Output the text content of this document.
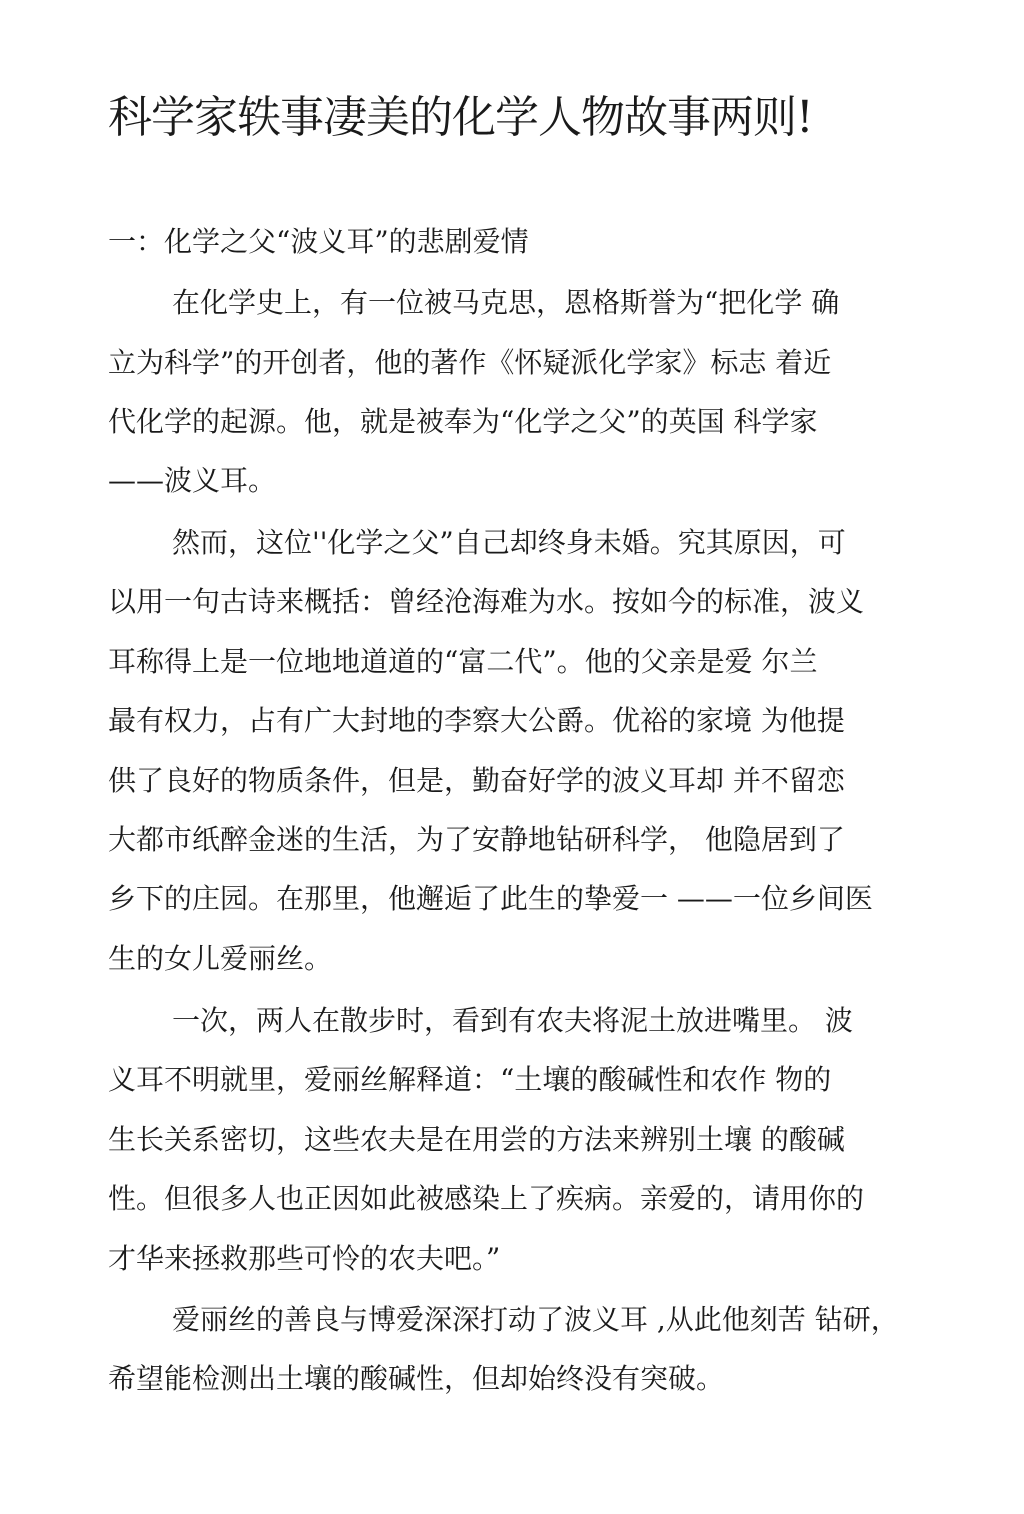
科学家轶事凄美的化学人物故事两则!
一：化学之父“波义耳”的悲剧爱情
在化学史上，有一位被马克思，恩格斯誉为“把化学 确
立为科学”的开创者，他的著作《怀疑派化学家》标志 着近
代化学的起源。他，就是被奉为“化学之父”的英国 科学家
——波义耳。
然而，这位''化学之父”自己却终身未婚。究其原因，可
以用一句古诗来概括：曾经沧海难为水。按如今的标准，波义
耳称得上是一位地地道道的“富二代”。他的父亲是爱 尔兰
最有权力，占有广大封地的李察大公爵。优裕的家境 为他提
供了良好的物质条件，但是，勤奋好学的波义耳却 并不留恋
大都市纸醉金迷的生活，为了安静地钻研科学， 他隐居到了
乡下的庄园。在那里，他邂逅了此生的挚爱一 ——一位乡间医
生的女儿爱丽丝。
一次，两人在散步时，看到有农夫将泥土放进嘴里。 波
义耳不明就里，爱丽丝解释道：“土壤的酸碱性和农作 物的
生长关系密切，这些农夫是在用尝的方法来辨别土壤 的酸碱
性。但很多人也正因如此被感染上了疾病。亲爱的，请用你的
才华来拯救那些可怜的农夫吧。”
爱丽丝的善良与博爱深深打动了波义耳 ,从此他刻苦 钻研，
希望能检测出土壤的酸碱性，但却始终没有突破。
